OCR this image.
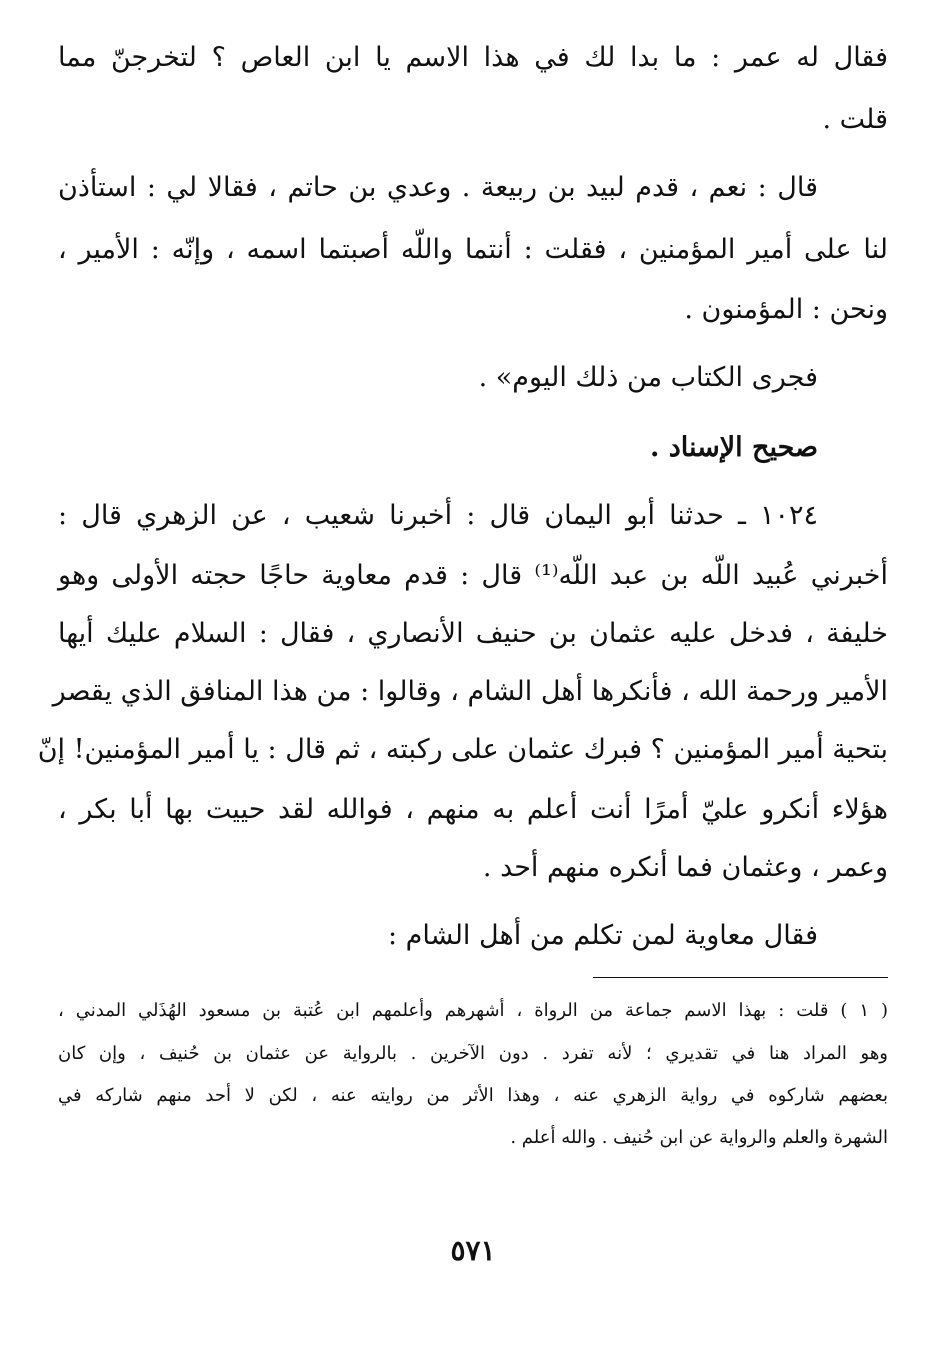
فقال له عمر : ما بدا لك في هذا الاسم يا ابن العاص ؟ لتخرجنّ مما
قلت .
قال : نعم ، قدم لبيد بن ربيعة . وعدي بن حاتم ، فقالا لي : استأذن
لنا على أمير المؤمنين ، فقلت : أنتما واللّه أصبتما اسمه ، وإنّه : الأمير ،
ونحن : المؤمنون .
فجرى الكتاب من ذلك اليوم» .
صحيح الإسناد .
١٠٢٤ ـ حدثنا أبو اليمان قال : أخبرنا شعيب ، عن الزهري قال :
أخبرني عُبيد اللّه بن عبد اللّه⁽¹⁾ قال : قدم معاوية حاجًا حجته الأولى وهو
خليفة ، فدخل عليه عثمان بن حنيف الأنصاري ، فقال : السلام عليك أيها
الأمير ورحمة الله ، فأنكرها أهل الشام ، وقالوا : من هذا المنافق الذي يقصر
بتحية أمير المؤمنين ؟ فبرك عثمان على ركبته ، ثم قال : يا أمير المؤمنين! إنّ
هؤلاء أنكرو عليّ أمرًا أنت أعلم به منهم ، فوالله لقد حييت بها أبا بكر ،
وعمر ، وعثمان فما أنكره منهم أحد .
فقال معاوية لمن تكلم من أهل الشام :
( ١ ) قلت : بهذا الاسم جماعة من الرواة ، أشهرهم وأعلمهم ابن عُتبة بن مسعود الهُذَلي المدني ،
وهو المراد هنا في تقديري ؛ لأنه تفرد . دون الآخرين . بالرواية عن عثمان بن حُنيف ، وإن كان
بعضهم شاركوه في رواية الزهري عنه ، وهذا الأثر من روايته عنه ، لكن لا أحد منهم شاركه في
الشهرة والعلم والرواية عن ابن حُنيف . والله أعلم .
٥٧١
